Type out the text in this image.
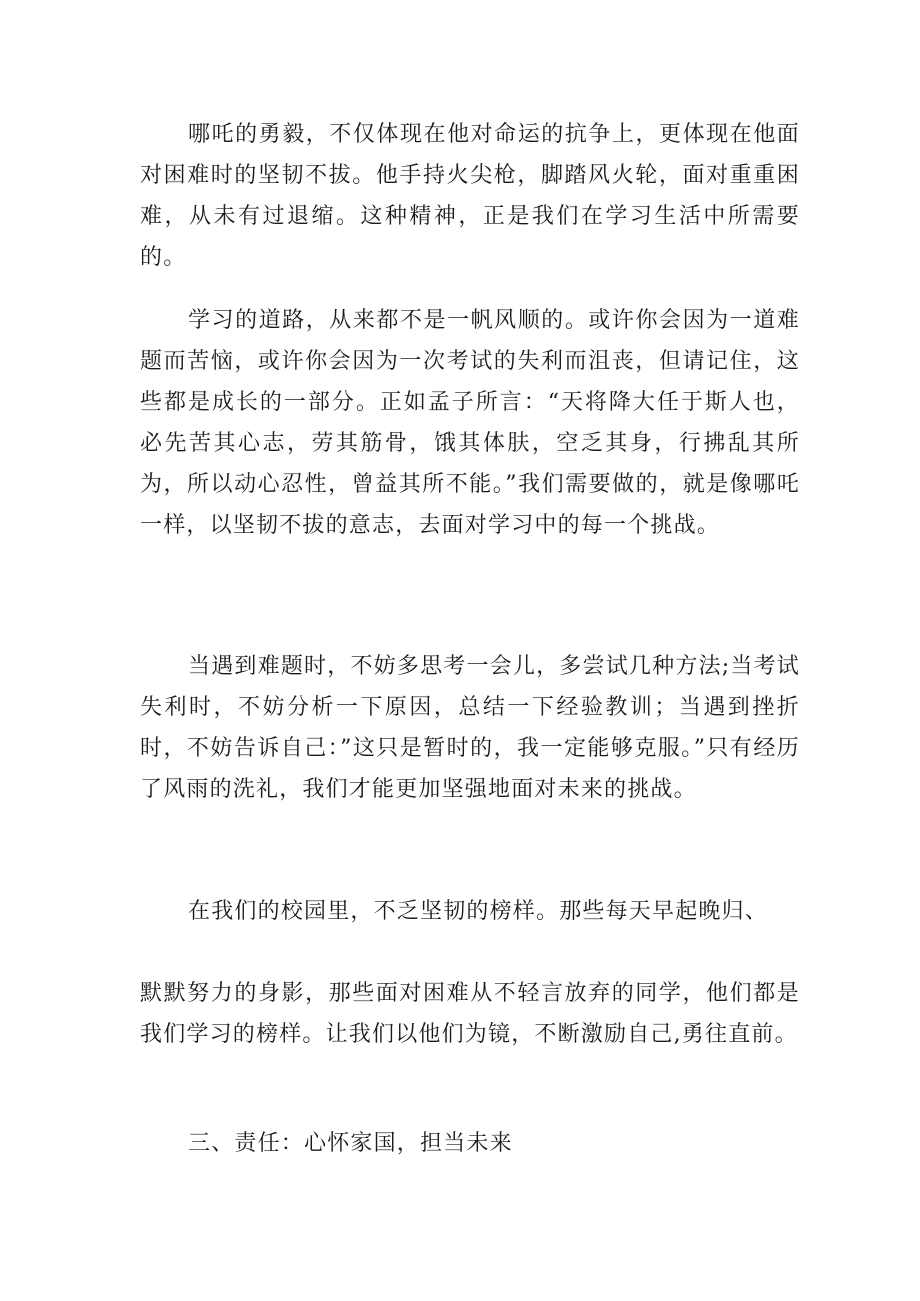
哪吒的勇毅，不仅体现在他对命运的抗争上，更体现在他面对困难时的坚韧不拔。他手持火尖枪，脚踏风火轮，面对重重困难，从未有过退缩。这种精神，正是我们在学习生活中所需要的。

学习的道路，从来都不是一帆风顺的。或许你会因为一道难题而苦恼，或许你会因为一次考试的失利而沮丧，但请记住，这些都是成长的一部分。正如孟子所言：“天将降大任于斯人也，必先苦其心志，劳其筋骨，饿其体肤，空乏其身，行拂乱其所为，所以动心忍性，曾益其所不能。”我们需要做的，就是像哪吒一样，以坚韧不拔的意志，去面对学习中的每一个挑战。

当遇到难题时，不妨多思考一会儿，多尝试几种方法;当考试失利时，不妨分析一下原因，总结一下经验教训；当遇到挫折时，不妨告诉自己：”这只是暂时的，我一定能够克服。”只有经历了风雨的洗礼，我们才能更加坚强地面对未来的挑战。

在我们的校园里，不乏坚韧的榜样。那些每天早起晚归、

默默努力的身影，那些面对困难从不轻言放弃的同学，他们都是我们学习的榜样。让我们以他们为镜，不断激励自己,勇往直前。

三、责任：心怀家国，担当未来
